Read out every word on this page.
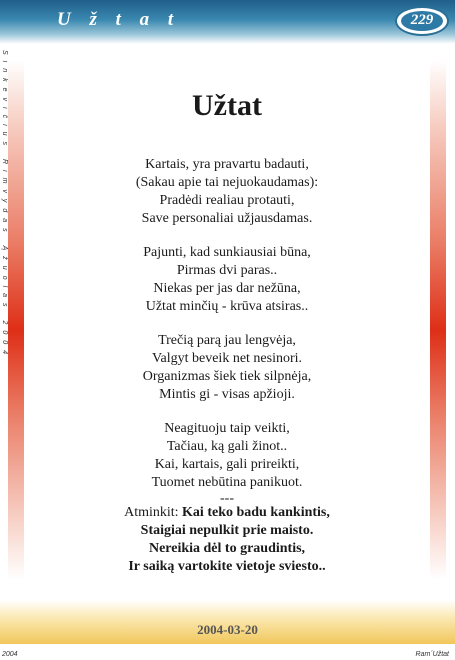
U ž t a t	229
Sinkevičius Rimvydas Ąžuolas 2004	Užtat
Kartais, yra pravartu badauti,
(Sakau apie tai nejuokaudamas):
Pradėdi realiau protauti,
Save personaliai užjausdamas.
Pajunti, kad sunkiausiai būna,
Pirmas dvi paras..
Niekas per jas dar nežūna,
Užtat minčių - krūva atsiras..
Trečią parą jau lengvėja,
Valgyt beveik net nesinori.
Organizmas šiek tiek silpnėja,
Mintis gi - visas apžioji.
Neagituoju taip veikti,
Tačiau, ką gali žinot..
Kai, kartais, gali prireikti,
Tuomet nebūtina panikuot.
---
Atminkit: Kai teko badu kankintis,
Staigiai nepulkit prie maisto.
Nereikia dėl to graudintis,
Ir saiką vartokite vietoje sviesto..
2004-03-20
2004	Ram´Užtat
